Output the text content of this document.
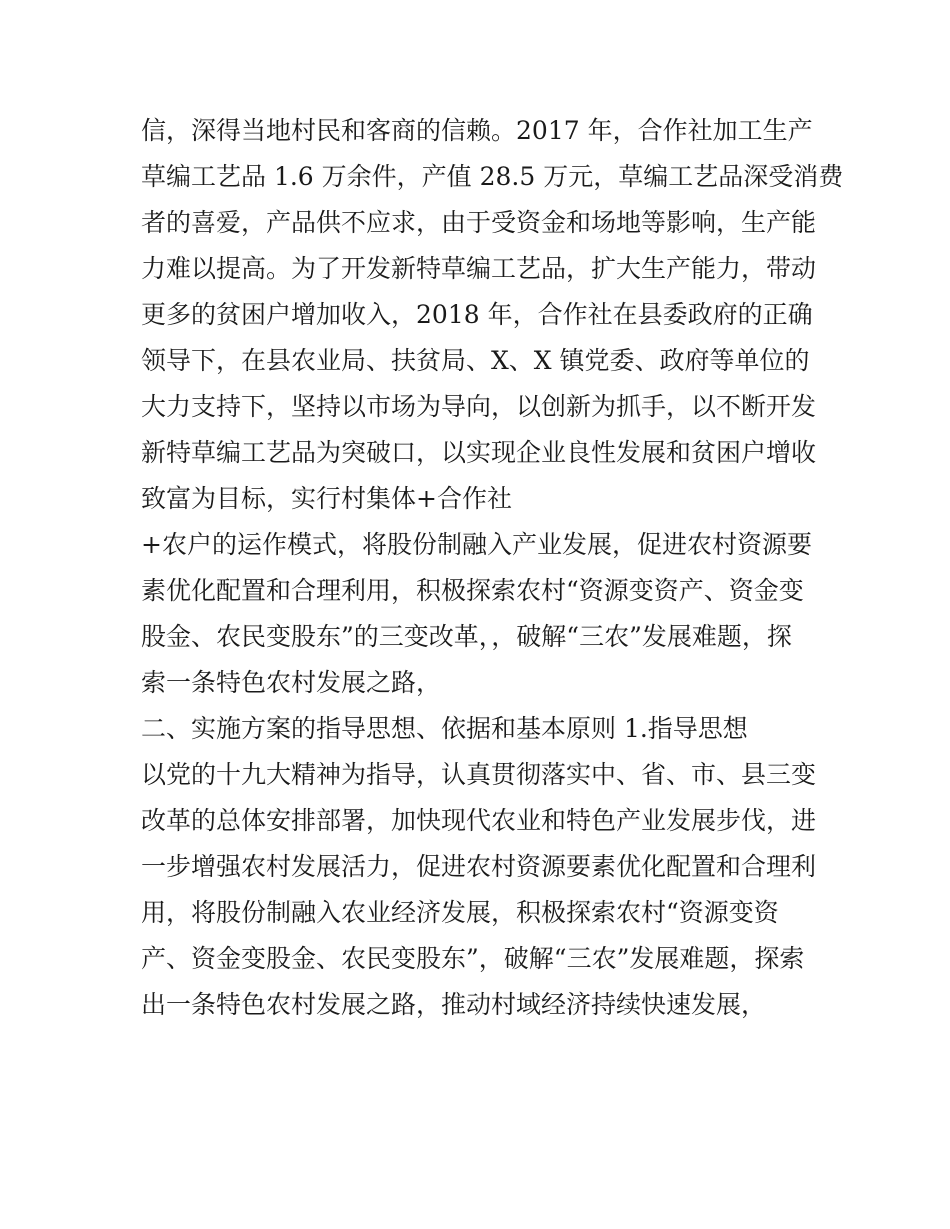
信，深得当地村民和客商的信赖。2017 年，合作社加工生产

草编工艺品 1.6 万余件，产值 28.5 万元，草编工艺品深受消费

者的喜爱，产品供不应求，由于受资金和场地等影响，生产能

力难以提高。为了开发新特草编工艺品，扩大生产能力，带动

更多的贫困户增加收入，2018 年，合作社在县委政府的正确

领导下，在县农业局、扶贫局、X、X 镇党委、政府等单位的

大力支持下，坚持以市场为导向，以创新为抓手，以不断开发

新特草编工艺品为突破口，以实现企业良性发展和贫困户增收

致富为目标，实行村集体+合作社

+农户的运作模式，将股份制融入产业发展，促进农村资源要

素优化配置和合理利用，积极探索农村“资源变资产、资金变

股金、农民变股东”的三变改革，，破解“三农”发展难题，探

索一条特色农村发展之路，

二、实施方案的指导思想、依据和基本原则 1.指导思想

以党的十九大精神为指导，认真贯彻落实中、省、市、县三变

改革的总体安排部署，加快现代农业和特色产业发展步伐，进

一步增强农村发展活力，促进农村资源要素优化配置和合理利

用，将股份制融入农业经济发展，积极探索农村“资源变资

产、资金变股金、农民变股东”，破解“三农”发展难题，探索

出一条特色农村发展之路，推动村域经济持续快速发展，
